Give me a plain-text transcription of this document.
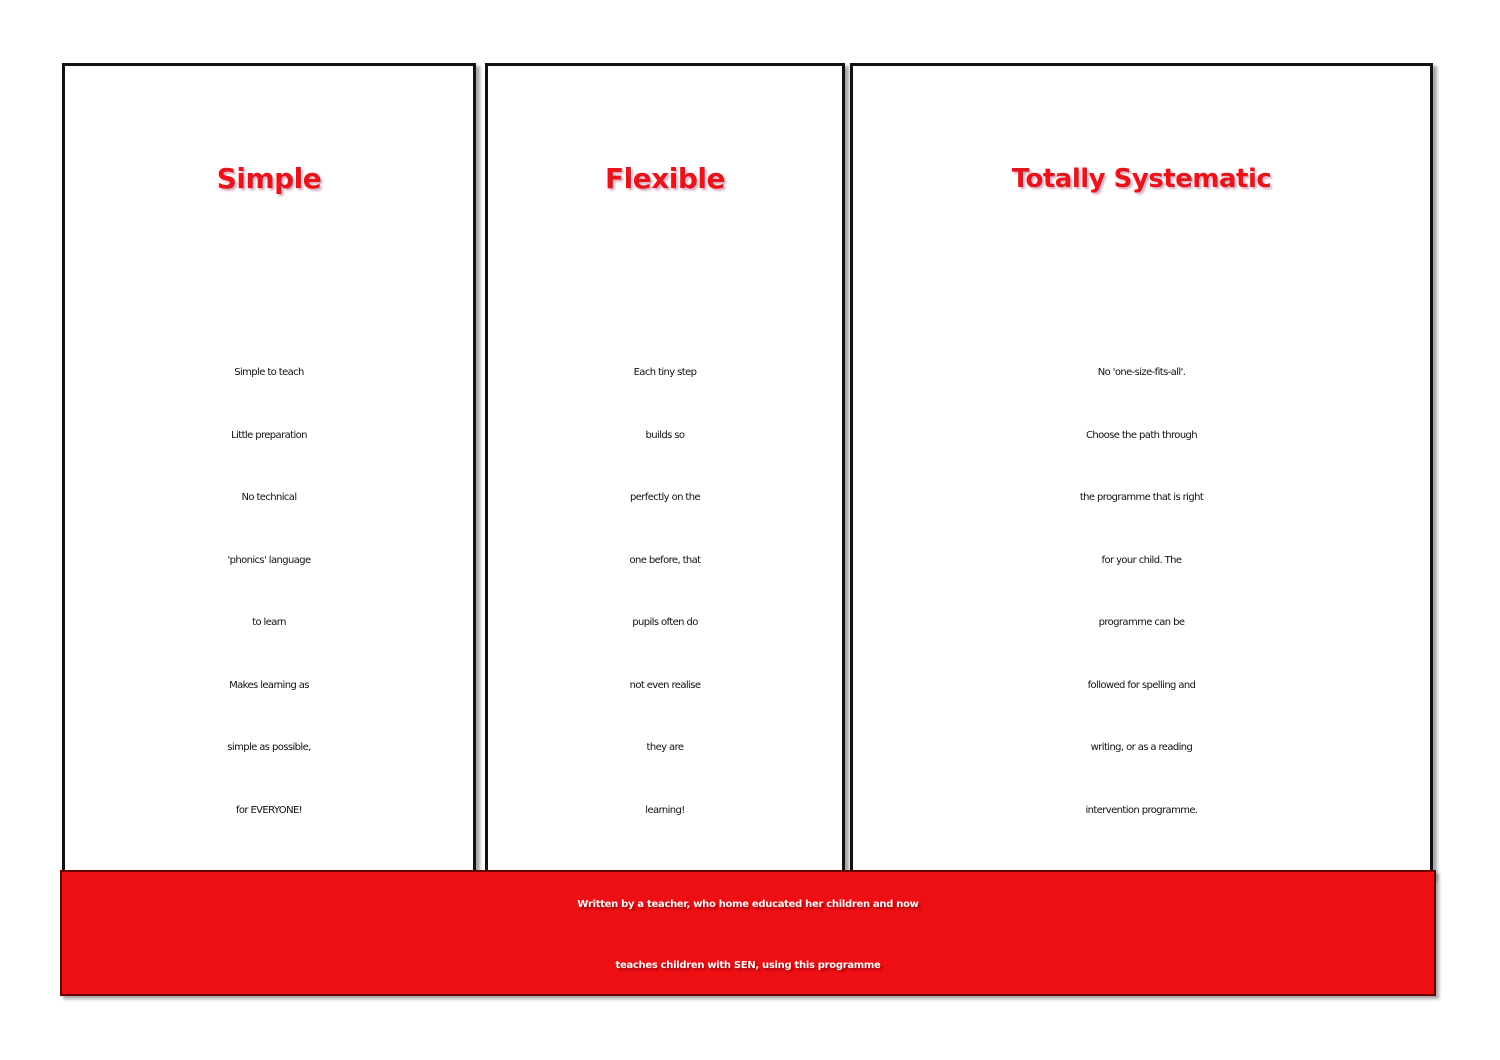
Simple
Simple to teach
Little preparation
No technical
'phonics' language
to learn
Makes learning as
simple as possible,
for EVERYONE!
Flexible
Each tiny step
builds so
perfectly on the
one before, that
pupils often do
not even realise
they are
learning!
Totally Systematic
No 'one-size-fits-all'.
Choose the path through
the programme that is right
for your child. The
programme can be
followed for spelling and
writing, or as a reading
intervention programme.
Written by a teacher, who home educated her children and now
teaches children with SEN, using this programme
